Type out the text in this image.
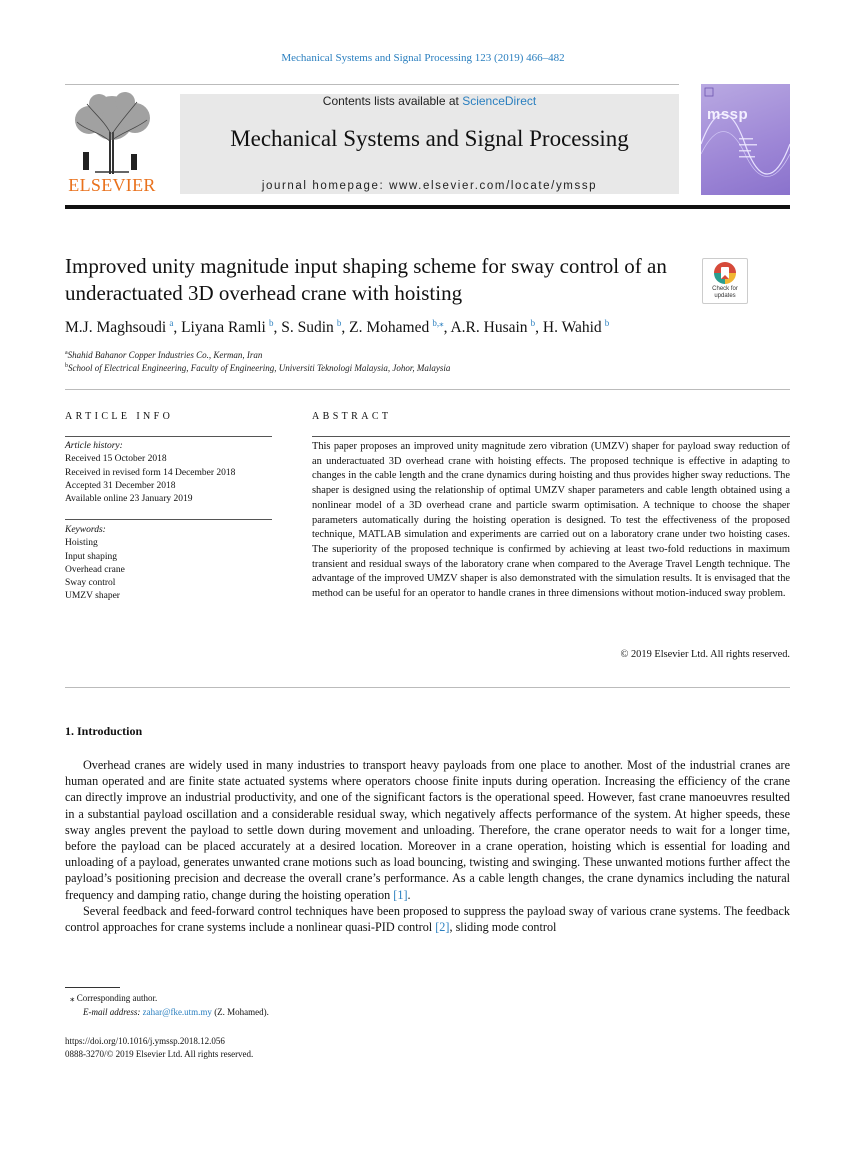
Mechanical Systems and Signal Processing 123 (2019) 466–482
ELSEVIER
Contents lists available at ScienceDirect
Mechanical Systems and Signal Processing
journal homepage: www.elsevier.com/locate/ymssp
mssp
Improved unity magnitude input shaping scheme for sway control of an underactuated 3D overhead crane with hoisting	Check for updates
M.J. Maghsoudi  $^a$, Liyana Ramli  $^b$, S. Sudin  $^b$, Z. Mohamed  $^{b,⁎}$, A.R. Husain  $^b$, H. Wahid  $^b$
$^a$Shahid Bahanor Copper Industries Co., Kerman, Iran
$^b$School of Electrical Engineering, Faculty of Engineering, Universiti Teknologi Malaysia, Johor, Malaysia
ARTICLE INFO
Article history:
Received 15 October 2018
Received in revised form 14 December 2018
Accepted 31 December 2018
Available online 23 January 2019
Keywords:
Hoisting
Input shaping
Overhead crane
Sway control
UMZV shaper
ABSTRACT
This paper proposes an improved unity magnitude zero vibration (UMZV) shaper for payload sway reduction of an underactuated 3D overhead crane with hoisting effects. The proposed technique is effective in adapting to changes in the cable length and the crane dynamics during hoisting and thus provides higher sway reductions. The shaper is designed using the relationship of optimal UMZV shaper parameters and cable length obtained using a nonlinear model of a 3D overhead crane and particle swarm optimisation. A technique to choose the shaper parameters automatically during the hoisting operation is designed. To test the effectiveness of the proposed technique, MATLAB simulation and experiments are carried out on a laboratory crane under two hoisting cases. The superiority of the proposed technique is confirmed by achieving at least two-fold reductions in maximum transient and residual sways of the laboratory crane when compared to the Average Travel Length technique. The advantage of the improved UMZV shaper is also demonstrated with the simulation results. It is envisaged that the method can be useful for an operator to handle cranes in three dimensions without motion-induced sway problem.
© 2019 Elsevier Ltd. All rights reserved.
1. Introduction

Overhead cranes are widely used in many industries to transport heavy payloads from one place to another. Most of the industrial cranes are human operated and are finite state actuated systems where operators choose finite inputs during operation. Increasing the efficiency of the crane can directly improve an industrial productivity, and one of the significant factors is the operational speed. However, fast crane manoeuvres resulted in a substantial payload oscillation and a considerable residual sway, which negatively affects performance of the system. At higher speeds, these sway angles prevent the payload to settle down during movement and unloading. Therefore, the crane operator needs to wait for a longer time, before the payload can be placed accurately at a desired location. Moreover in a crane operation, hoisting which is essential for loading and unloading of a payload, generates unwanted crane motions such as load bouncing, twisting and swinging. These unwanted motions further affect the payload’s positioning precision and decrease the overall crane’s performance. As a cable length changes, the crane dynamics including the natural frequency and damping ratio, change during the hoisting operation [1].

Several feedback and feed-forward control techniques have been proposed to suppress the payload sway of various crane systems. The feedback control approaches for crane systems include a nonlinear quasi-PID control [2], sliding mode control

⁎ Corresponding author.
E-mail address: zahar@fke.utm.my (Z. Mohamed).
https://doi.org/10.1016/j.ymssp.2018.12.056
0888-3270/© 2019 Elsevier Ltd. All rights reserved.
